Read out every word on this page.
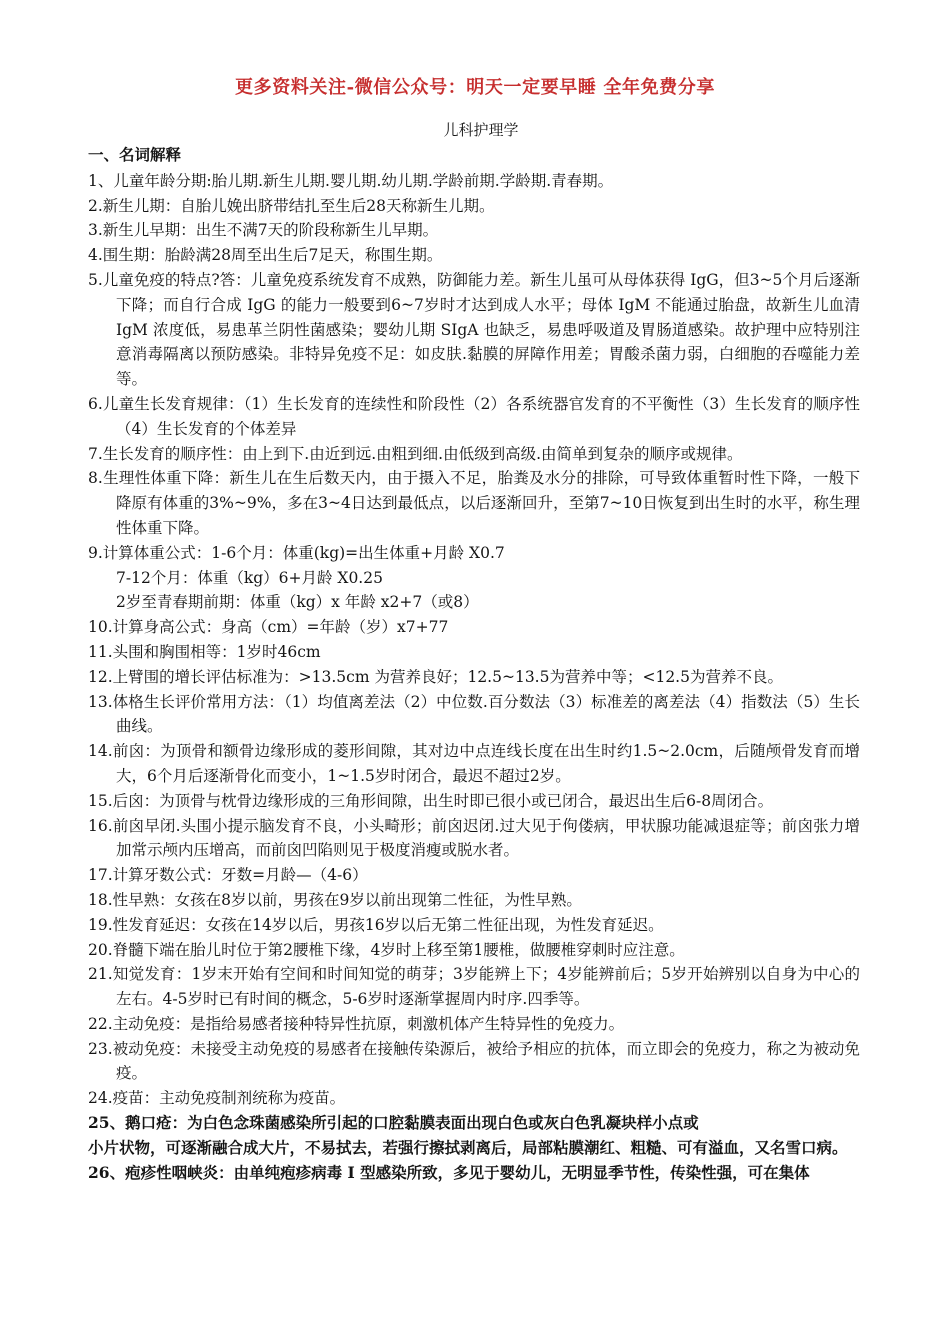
更多资料关注-微信公众号：明天一定要早睡 全年免费分享
儿科护理学
一、名词解释

1、儿童年龄分期:胎儿期.新生儿期.婴儿期.幼儿期.学龄前期.学龄期.青春期。

2.新生儿期：自胎儿娩出脐带结扎至生后28天称新生儿期。

3.新生儿早期：出生不满7天的阶段称新生儿早期。

4.围生期：胎龄满28周至出生后7足天，称围生期。

5.儿童免疫的特点?答：儿童免疫系统发育不成熟，防御能力差。新生儿虽可从母体获得 IgG，但3~5个月后逐渐下降；而自行合成 IgG 的能力一般要到6~7岁时才达到成人水平；母体 IgM 不能通过胎盘，故新生儿血清 IgM 浓度低，易患革兰阴性菌感染；婴幼儿期 SIgA 也缺乏，易患呼吸道及胃肠道感染。故护理中应特别注意消毒隔离以预防感染。非特异免疫不足：如皮肤.黏膜的屏障作用差；胃酸杀菌力弱，白细胞的吞噬能力差等。

6.儿童生长发育规律：（1）生长发育的连续性和阶段性（2）各系统器官发育的不平衡性（3）生长发育的顺序性（4）生长发育的个体差异

7.生长发育的顺序性：由上到下.由近到远.由粗到细.由低级到高级.由简单到复杂的顺序或规律。

8.生理性体重下降：新生儿在生后数天内，由于摄入不足，胎粪及水分的排除，可导致体重暂时性下降，一般下降原有体重的3%~9%，多在3~4日达到最低点，以后逐渐回升，至第7~10日恢复到出生时的水平，称生理性体重下降。

9.计算体重公式：1-6个月：体重(kg)=出生体重+月龄 X0.7

7-12个月：体重（kg）6+月龄 X0.25

2岁至青春期前期：体重（kg）x 年龄 x2+7（或8）

10.计算身高公式：身高（cm）=年龄（岁）x7+77

11.头围和胸围相等：1岁时46cm

12.上臂围的增长评估标准为：>13.5cm 为营养良好；12.5~13.5为营养中等；<12.5为营养不良。

13.体格生长评价常用方法：（1）均值离差法（2）中位数.百分数法（3）标准差的离差法（4）指数法（5）生长曲线。

14.前囟：为顶骨和额骨边缘形成的菱形间隙，其对边中点连线长度在出生时约1.5~2.0cm，后随颅骨发育而增大，6个月后逐渐骨化而变小，1~1.5岁时闭合，最迟不超过2岁。

15.后囟：为顶骨与枕骨边缘形成的三角形间隙，出生时即已很小或已闭合，最迟出生后6-8周闭合。

16.前囟早闭.头围小提示脑发育不良，小头畸形；前囟迟闭.过大见于佝偻病，甲状腺功能减退症等；前囟张力增加常示颅内压增高，而前囟凹陷则见于极度消瘦或脱水者。

17.计算牙数公式：牙数=月龄—（4-6）

18.性早熟：女孩在8岁以前，男孩在9岁以前出现第二性征，为性早熟。

19.性发育延迟：女孩在14岁以后，男孩16岁以后无第二性征出现，为性发育延迟。

20.脊髓下端在胎儿时位于第2腰椎下缘，4岁时上移至第1腰椎，做腰椎穿刺时应注意。

21.知觉发育：1岁末开始有空间和时间知觉的萌芽；3岁能辨上下；4岁能辨前后；5岁开始辨别以自身为中心的左右。4-5岁时已有时间的概念，5-6岁时逐渐掌握周内时序.四季等。

22.主动免疫：是指给易感者接种特异性抗原，刺激机体产生特异性的免疫力。

23.被动免疫：未接受主动免疫的易感者在接触传染源后，被给予相应的抗体，而立即会的免疫力，称之为被动免疫。

24.疫苗：主动免疫制剂统称为疫苗。

25、鹅口疮：为白色念珠菌感染所引起的口腔黏膜表面出现白色或灰白色乳凝块样小点或

小片状物，可逐渐融合成大片，不易拭去，若强行擦拭剥离后，局部粘膜潮红、粗糙、可有溢血，又名雪口病。

26、疱疹性咽峡炎：由单纯疱疹病毒 I 型感染所致，多见于婴幼儿，无明显季节性，传染性强，可在集体
